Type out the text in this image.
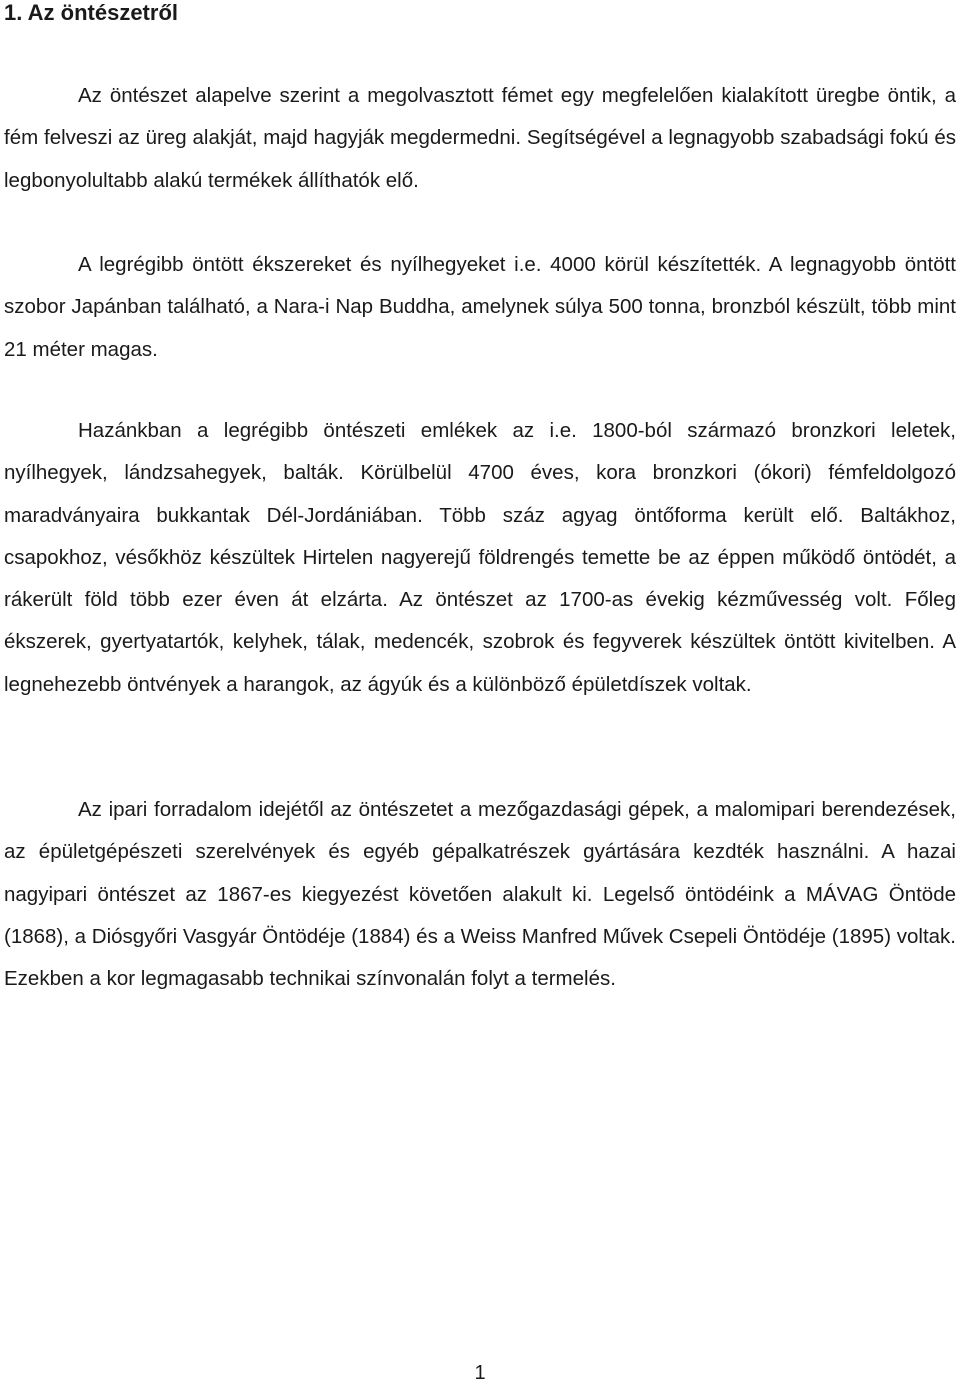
1. Az öntészetről

Az öntészet alapelve szerint a megolvasztott fémet egy megfelelően kialakított üregbe öntik, a fém felveszi az üreg alakját, majd hagyják megdermedni. Segítségével a legnagyobb szabadsági fokú és legbonyolultabb alakú termékek állíthatók elő.

A legrégibb öntött ékszereket és nyílhegyeket i.e. 4000 körül készítették. A legnagyobb öntött szobor Japánban található, a Nara-i Nap Buddha, amelynek súlya 500 tonna, bronzból készült, több mint 21 méter magas.

Hazánkban a legrégibb öntészeti emlékek az i.e. 1800-ból származó bronzkori leletek, nyílhegyek, lándzsahegyek, balták. Körülbelül 4700 éves, kora bronzkori (ókori) fémfeldolgozó maradványaira bukkantak Dél-Jordániában. Több száz agyag öntőforma került elő. Baltákhoz, csapokhoz, vésőkhöz készültek Hirtelen nagyerejű földrengés temette be az éppen működő öntödét, a rákerült föld több ezer éven át elzárta. Az öntészet az 1700-as évekig kézművesség volt. Főleg ékszerek, gyertyatartók, kelyhek, tálak, medencék, szobrok és fegyverek készültek öntött kivitelben. A legnehezebb öntvények a harangok, az ágyúk és a különböző épületdíszek voltak.

Az ipari forradalom idejétől az öntészetet a mezőgazdasági gépek, a malomipari berendezések, az épületgépészeti szerelvények és egyéb gépalkatrészek gyártására kezdték használni. A hazai nagyipari öntészet az 1867-es kiegyezést követően alakult ki. Legelső öntödéink a MÁVAG Öntöde (1868), a Diósgyőri Vasgyár Öntödéje (1884) és a Weiss Manfred Művek Csepeli Öntödéje (1895) voltak. Ezekben a kor legmagasabb technikai színvonalán folyt a termelés.

1
